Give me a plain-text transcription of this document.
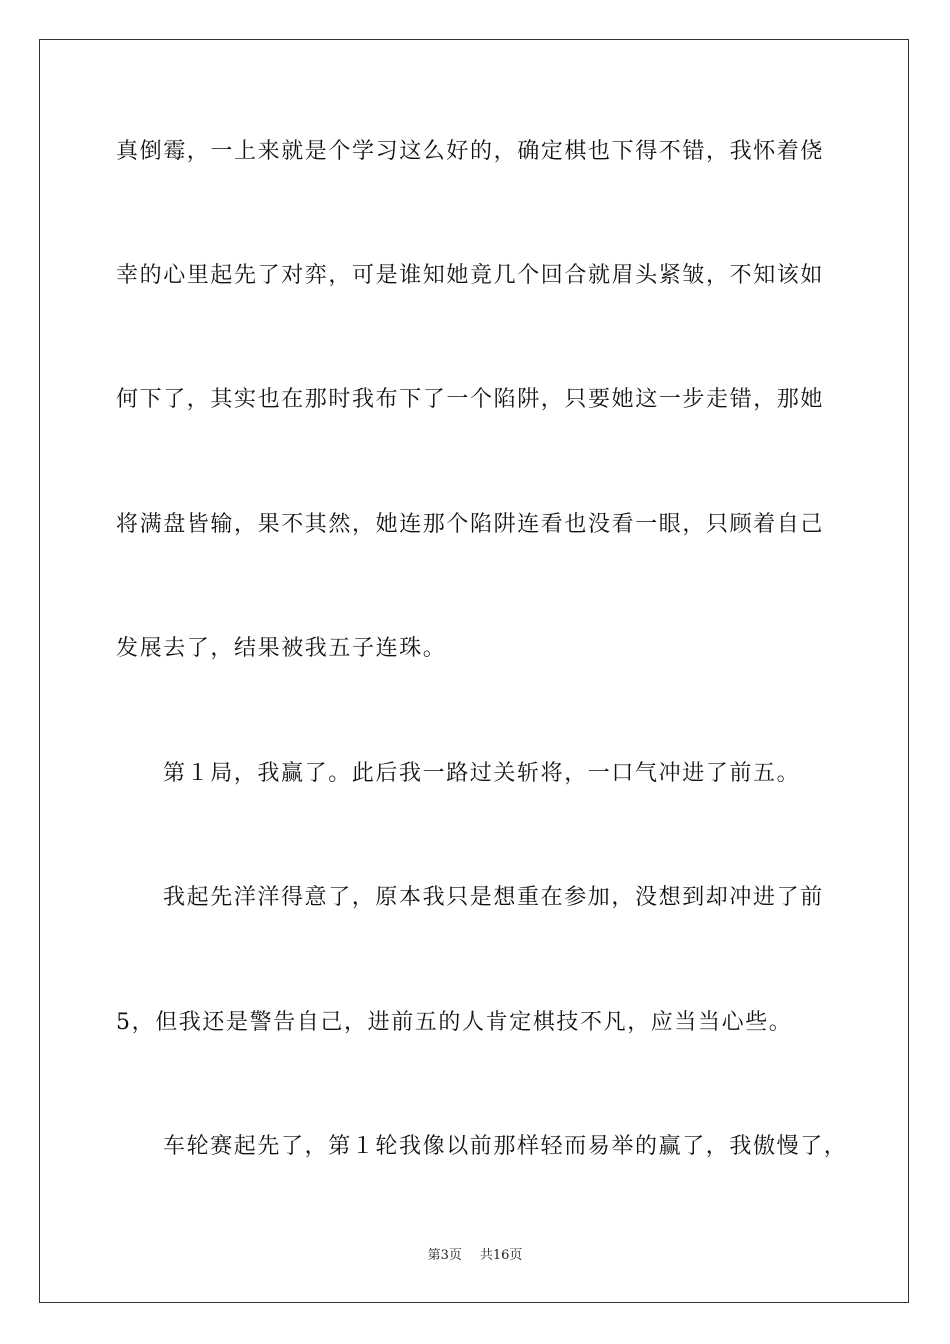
真倒霉，一上来就是个学习这么好的，确定棋也下得不错，我怀着侥
幸的心里起先了对弈，可是谁知她竟几个回合就眉头紧皱，不知该如
何下了，其实也在那时我布下了一个陷阱，只要她这一步走错，那她
将满盘皆输，果不其然，她连那个陷阱连看也没看一眼，只顾着自己
发展去了，结果被我五子连珠。
第１局，我赢了。此后我一路过关斩将，一口气冲进了前五。
我起先洋洋得意了，原本我只是想重在参加，没想到却冲进了前
5，但我还是警告自己，进前五的人肯定棋技不凡，应当当心些。
车轮赛起先了，第１轮我像以前那样轻而易举的赢了，我傲慢了，
第3页 共16页
